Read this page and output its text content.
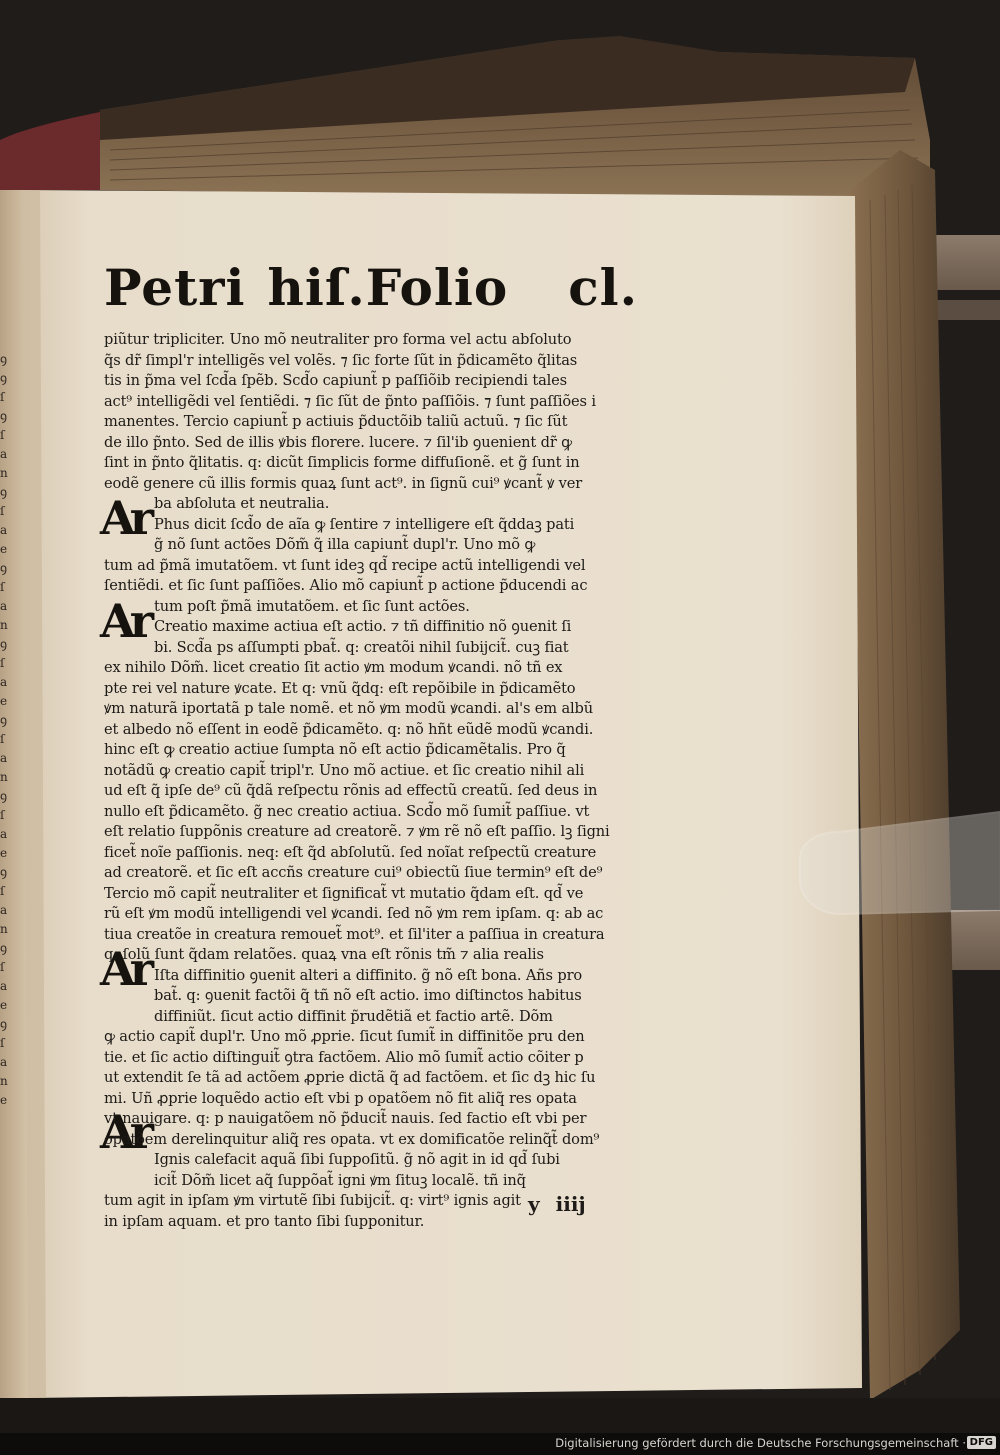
ꝯ
ꝯ
ſ
ꝯ
ſ
a
n
ꝯ
ſ
a
e
ꝯ
ſ
a
n
ꝯ
ſ
a
e
ꝯ
ſ
a
n
ꝯ
ſ
a
e
ꝯ
ſ
a
n
ꝯ
ſ
a
e
ꝯ
ſ
a
n
e
Petri hiſ.Folio cl.
Ar
Ar
Ar
Ar
piũtur tripliciter. Uno mõ neutraliter pro forma vel actu abſoluto
q̃s dr̃ ſimpl'r intelligẽs vel volẽs. ⁊ ſic forte ſũt in p̃dicamẽto q̃litas
tis in p̃ma vel ſcd̃a ſpẽb. Scd̃o capiunt̃ p paſſiõib recipiendi tales
act⁹ intelligẽdi vel ſentiẽdi. ⁊ ſic ſũt de p̃nto paſſiõis. ⁊ ſunt paſſiões i
manentes. Tercio capiunt̃ p actiuis p̃ductõib taliũ actuũ. ⁊ ſic ſũt
de illo p̃nto. Sed de illis ꝟbis florere. lucere. ⁊ ſil'ib ꝯuenient dr̃ ꝙ
ſint in p̃nto q̃litatis. q: dicũt ſimplicis forme diffuſionẽ. et g̃ ſunt in
eodẽ genere cũ illis formis quaꝝ ſunt act⁹. in ſignũ cui⁹ ꝟcant̃ ꝟ ver
ba abſoluta et neutralia.
Phus dicit ſcd̃o de aĩa ꝙ ſentire ⁊ intelligere eſt q̃ddaꝫ pati
g̃ nõ ſunt actões Dõm̃ q̃ illa capiunt̃ dupl'r. Uno mõ ꝙ
tum ad p̃mã imutatõem. vt ſunt ideꝫ qd̃ recipe actũ intelligendi vel
ſentiẽdi. et ſic ſunt paſſiões. Alio mõ capiunt̃ p actione p̃ducendi ac
tum poſt p̃mã imutatõem. et ſic ſunt actões.
Creatio maxime actiua eſt actio. ⁊ tñ diffinitio nõ ꝯuenit ſi
bi. Scd̃a ps aſſumpti pbat̃. q: creatõi nihil ſubijcit̃. cuꝫ fiat
ex nihilo Dõm̃. licet creatio ſit actio ꝟm modum ꝟcandi. nõ tñ ex
pte rei vel nature ꝟcate. Et q: vnũ q̃dq: eſt repõibile in p̃dicamẽto
ꝟm naturã iportatã p tale nomẽ. et nõ ꝟm modũ ꝟcandi. al's em albũ
et albedo nõ eſſent in eodẽ p̃dicamẽto. q: nõ hñt eũdẽ modũ ꝟcandi.
hinc eſt ꝙ creatio actiue ſumpta nõ eſt actio p̃dicamẽtalis. Pro q̃
notãdũ ꝙ creatio capit̃ tripl'r. Uno mõ actiue. et ſic creatio nihil ali
ud eſt q̃ ipſe de⁹ cũ q̃dã reſpectu rõnis ad effectũ creatũ. ſed deus in
nullo eſt p̃dicamẽto. g̃ nec creatio actiua. Scd̃o mõ ſumit̃ paſſiue. vt
eſt relatio ſuppõnis creature ad creatorẽ. ⁊ ꝟm rẽ nõ eſt paſſio. lꝫ ſigni
ficet̃ noĩe paſſionis. neq: eſt q̃d abſolutũ. ſed noĩat reſpectũ creature
ad creatorẽ. et ſic eſt accñs creature cui⁹ obiectũ ſiue termin⁹ eſt de⁹
Tercio mõ capit̃ neutraliter et ſignificat̃ vt mutatio q̃dam eſt. qd̃ ve
rũ eſt ꝟm modũ intelligendi vel ꝟcandi. ſed nõ ꝟm rem ipſam. q: ab ac
tiua creatõe in creatura remouet̃ mot⁹. et ſil'iter a paſſiua in creatura
q: ſolũ ſunt q̃dam relatões. quaꝝ vna eſt rõnis tm̃ ⁊ alia realis
Iſta diffinitio ꝯuenit alteri a diffinito. g̃ nõ eſt bona. Añs pro
bat̃. q: ꝯuenit factõi q̃ tñ nõ eſt actio. imo diſtinctos habitus
diffiniũt. ſicut actio diffinit p̃rudẽtiã et factio artẽ. Dõm
ꝙ actio capit̃ dupl'r. Uno mõ ꝓprie. ſicut ſumit̃ in diffinitõe pru den
tie. et ſic actio diſtinguit̃ ꝯtra factõem. Alio mõ ſumit̃ actio cõiter p
ut extendit ſe tã ad actõem ꝓprie dictã q̃ ad factõem. et ſic dꝫ hic ſu
mi. Uñ ꝓprie loquẽdo actio eſt vbi p opatõem nõ fit aliq̃ res opata
vt nauigare. q: p nauigatõem nõ p̃ducit̃ nauis. ſed factio eſt vbi per
opatõem derelinquitur aliq̃ res opata. vt ex domificatõe relinq̃t̃ dom⁹
Ignis calefacit aquã ſibi ſuppoſitũ. g̃ nõ agit in id qd̃ ſubi
icit̃ Dõm̃ licet aq̃ ſuppõat̃ igni ꝟm ſituꝫ localẽ. tñ inq̃
tum agit in ipſam ꝟm virtutẽ ſibi ſubijcit̃. q: virt⁹ ignis agit
in ipſam aquam. et pro tanto ſibi ſupponitur.
y iiij
Digitalisierung gefördert durch die Deutsche Forschungsgemeinschaft · DFG
